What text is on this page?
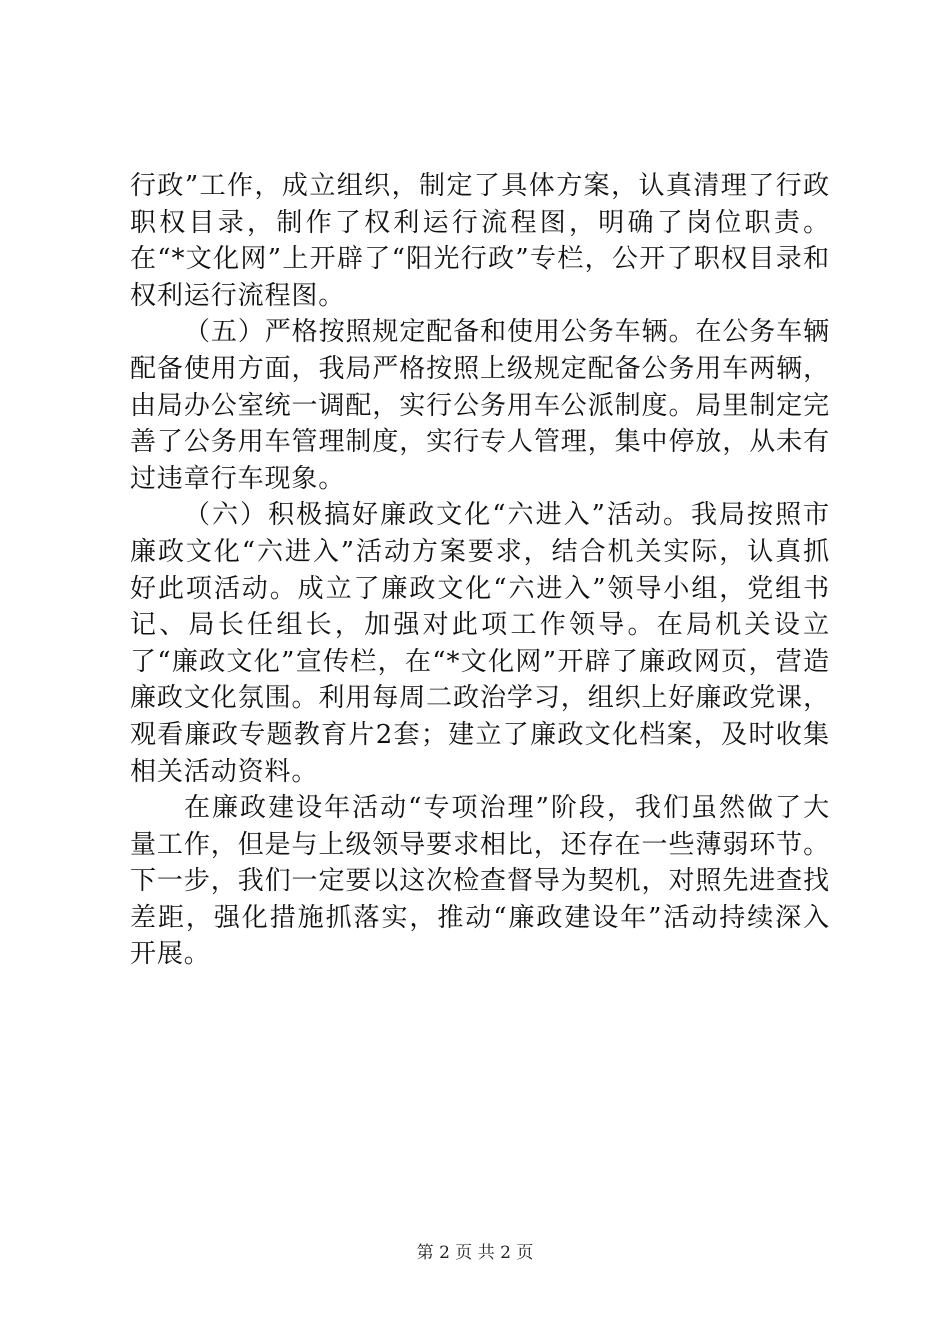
行政”工作，成立组织，制定了具体方案，认真清理了行政职权目录，制作了权利运行流程图，明确了岗位职责。在“*文化网”上开辟了“阳光行政”专栏，公开了职权目录和权利运行流程图。

（五）严格按照规定配备和使用公务车辆。在公务车辆配备使用方面，我局严格按照上级规定配备公务用车两辆，由局办公室统一调配，实行公务用车公派制度。局里制定完善了公务用车管理制度，实行专人管理，集中停放，从未有过违章行车现象。

（六）积极搞好廉政文化“六进入”活动。我局按照市廉政文化“六进入”活动方案要求，结合机关实际，认真抓好此项活动。成立了廉政文化“六进入”领导小组，党组书记、局长任组长，加强对此项工作领导。在局机关设立了“廉政文化”宣传栏，在“*文化网”开辟了廉政网页，营造廉政文化氛围。利用每周二政治学习，组织上好廉政党课，观看廉政专题教育片2套；建立了廉政文化档案，及时收集相关活动资料。

在廉政建设年活动“专项治理”阶段，我们虽然做了大量工作，但是与上级领导要求相比，还存在一些薄弱环节。下一步，我们一定要以这次检查督导为契机，对照先进查找差距，强化措施抓落实，推动“廉政建设年”活动持续深入开展。

第 2 页 共 2 页
